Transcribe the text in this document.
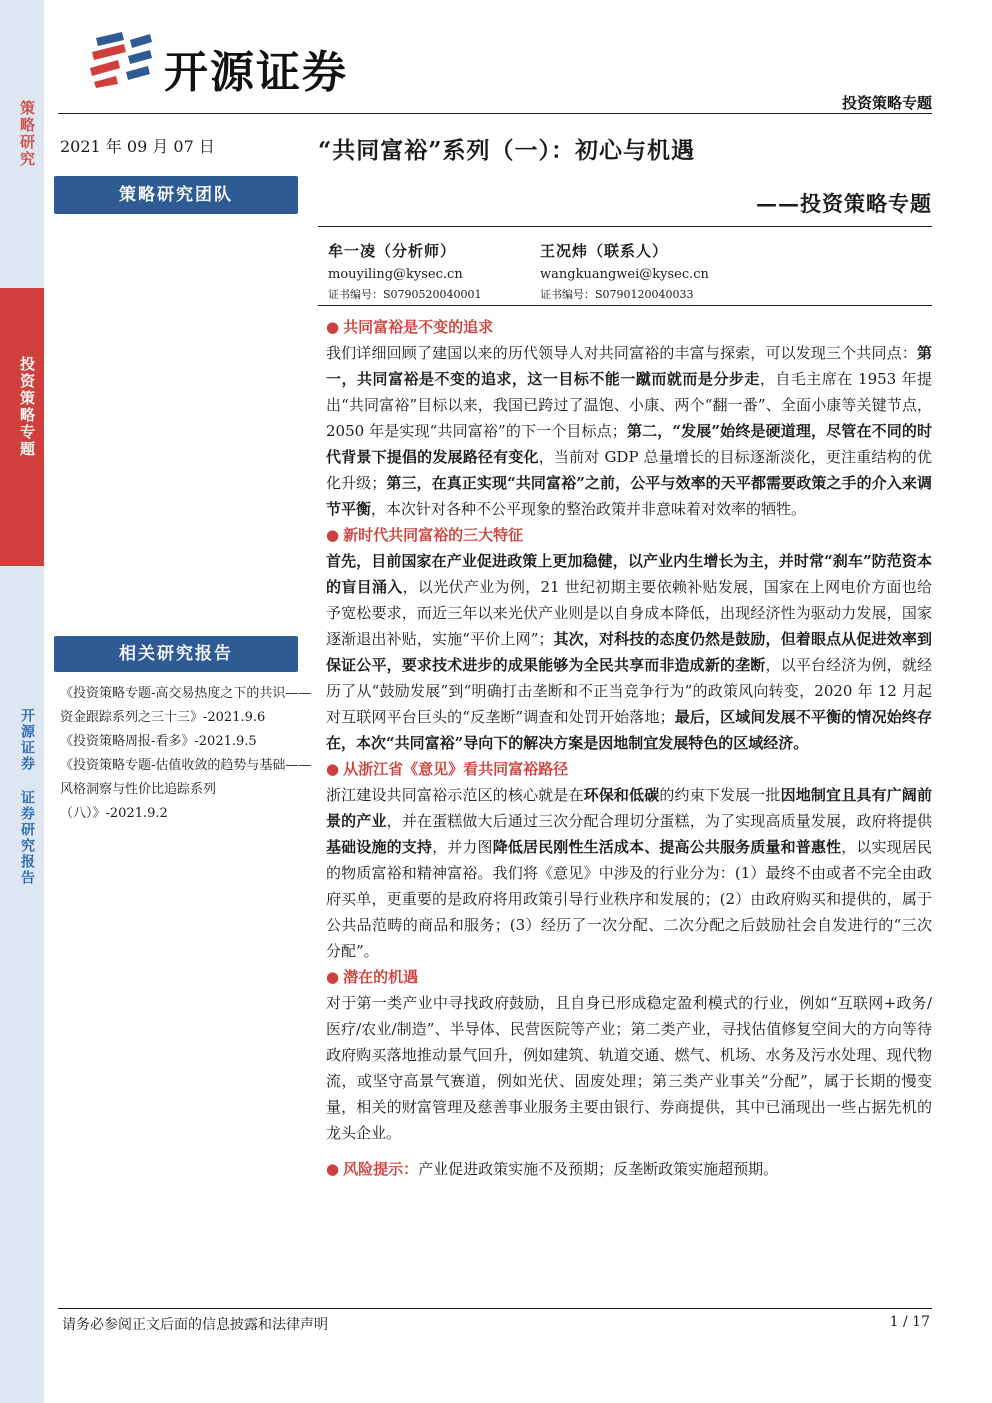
策略研究
投资策略专题
开源证券 证券研究报告
开源证券
投资策略专题
2021 年 09 月 07 日	“共同富裕”系列（一）：初心与机遇
——投资策略专题
策略研究团队
牟一凌（分析师）
mouyiling@kysec.cn
证书编号：S0790520040001
王况炜（联系人）
wangkuangwei@kysec.cn
证书编号：S0790120040033
● 共同富裕是不变的追求
我们详细回顾了建国以来的历代领导人对共同富裕的丰富与探索，可以发现三个共同点：第一，共同富裕是不变的追求，这一目标不能一蹴而就而是分步走，自毛主席在 1953 年提出“共同富裕”目标以来，我国已跨过了温饱、小康、两个“翻一番”、全面小康等关键节点，2050 年是实现“共同富裕”的下一个目标点；第二，“发展”始终是硬道理，尽管在不同的时代背景下提倡的发展路径有变化，当前对 GDP 总量增长的目标逐渐淡化，更注重结构的优化升级；第三，在真正实现“共同富裕”之前，公平与效率的天平都需要政策之手的介入来调节平衡，本次针对各种不公平现象的整治政策并非意味着对效率的牺牲。
● 新时代共同富裕的三大特征
首先，目前国家在产业促进政策上更加稳健，以产业内生增长为主，并时常“刹车”防范资本的盲目涌入，以光伏产业为例，21 世纪初期主要依赖补贴发展，国家在上网电价方面也给予宽松要求，而近三年以来光伏产业则是以自身成本降低，出现经济性为驱动力发展，国家逐渐退出补贴，实施“平价上网”；其次，对科技的态度仍然是鼓励，但着眼点从促进效率到保证公平，要求技术进步的成果能够为全民共享而非造成新的垄断，以平台经济为例，就经历了从“鼓励发展”到“明确打击垄断和不正当竞争行为”的政策风向转变，2020 年 12 月起对互联网平台巨头的“反垄断”调查和处罚开始落地；最后，区域间发展不平衡的情况始终存在，本次“共同富裕”导向下的解决方案是因地制宜发展特色的区域经济。
● 从浙江省《意见》看共同富裕路径
浙江建设共同富裕示范区的核心就是在环保和低碳的约束下发展一批因地制宜且具有广阔前景的产业，并在蛋糕做大后通过三次分配合理切分蛋糕，为了实现高质量发展，政府将提供基础设施的支持，并力图降低居民刚性生活成本、提高公共服务质量和普惠性，以实现居民的物质富裕和精神富裕。我们将《意见》中涉及的行业分为：(1）最终不由或者不完全由政府买单，更重要的是政府将用政策引导行业秩序和发展的；(2）由政府购买和提供的，属于公共品范畴的商品和服务；(3）经历了一次分配、二次分配之后鼓励社会自发进行的“三次分配”。
● 潜在的机遇
对于第一类产业中寻找政府鼓励，且自身已形成稳定盈利模式的行业，例如“互联网+政务/医疗/农业/制造”、半导体、民营医院等产业；第二类产业，寻找估值修复空间大的方向等待政府购买落地推动景气回升，例如建筑、轨道交通、燃气、机场、水务及污水处理、现代物流，或坚守高景气赛道，例如光伏、固废处理；第三类产业事关“分配”，属于长期的慢变量，相关的财富管理及慈善事业服务主要由银行、券商提供，其中已涌现出一些占据先机的龙头企业。
● 风险提示：产业促进政策实施不及预期；反垄断政策实施超预期。
相关研究报告
《投资策略专题-高交易热度之下的共识——资金跟踪系列之三十三》-2021.9.6
《投资策略周报-看多》-2021.9.5
《投资策略专题-估值收敛的趋势与基础——风格洞察与性价比追踪系列（八）》-2021.9.2
请务必参阅正文后面的信息披露和法律声明	1 / 17
